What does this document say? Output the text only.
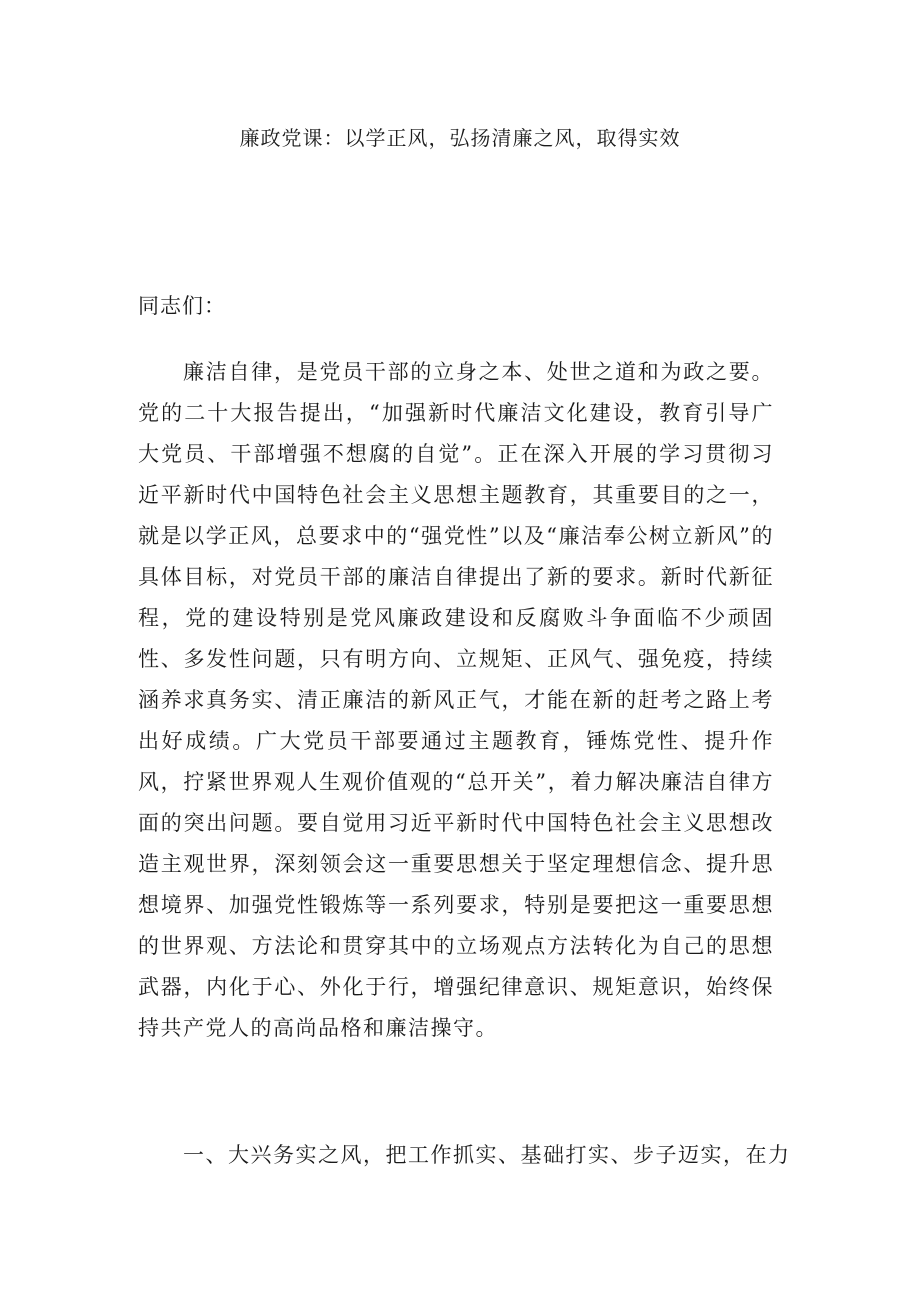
廉政党课：以学正风，弘扬清廉之风，取得实效
同志们：

廉洁自律，是党员干部的立身之本、处世之道和为政之要。党的二十大报告提出，“加强新时代廉洁文化建设，教育引导广大党员、干部增强不想腐的自觉”。正在深入开展的学习贯彻习近平新时代中国特色社会主义思想主题教育，其重要目的之一，就是以学正风，总要求中的“强党性”以及“廉洁奉公树立新风”的具体目标，对党员干部的廉洁自律提出了新的要求。新时代新征程，党的建设特别是党风廉政建设和反腐败斗争面临不少顽固性、多发性问题，只有明方向、立规矩、正风气、强免疫，持续涵养求真务实、清正廉洁的新风正气，才能在新的赶考之路上考出好成绩。广大党员干部要通过主题教育，锤炼党性、提升作风，拧紧世界观人生观价值观的“总开关”，着力解决廉洁自律方面的突出问题。要自觉用习近平新时代中国特色社会主义思想改造主观世界，深刻领会这一重要思想关于坚定理想信念、提升思想境界、加强党性锻炼等一系列要求，特别是要把这一重要思想的世界观、方法论和贯穿其中的立场观点方法转化为自己的思想武器，内化于心、外化于行，增强纪律意识、规矩意识，始终保持共产党人的高尚品格和廉洁操守。

一、大兴务实之风，把工作抓实、基础打实、步子迈实，在力
